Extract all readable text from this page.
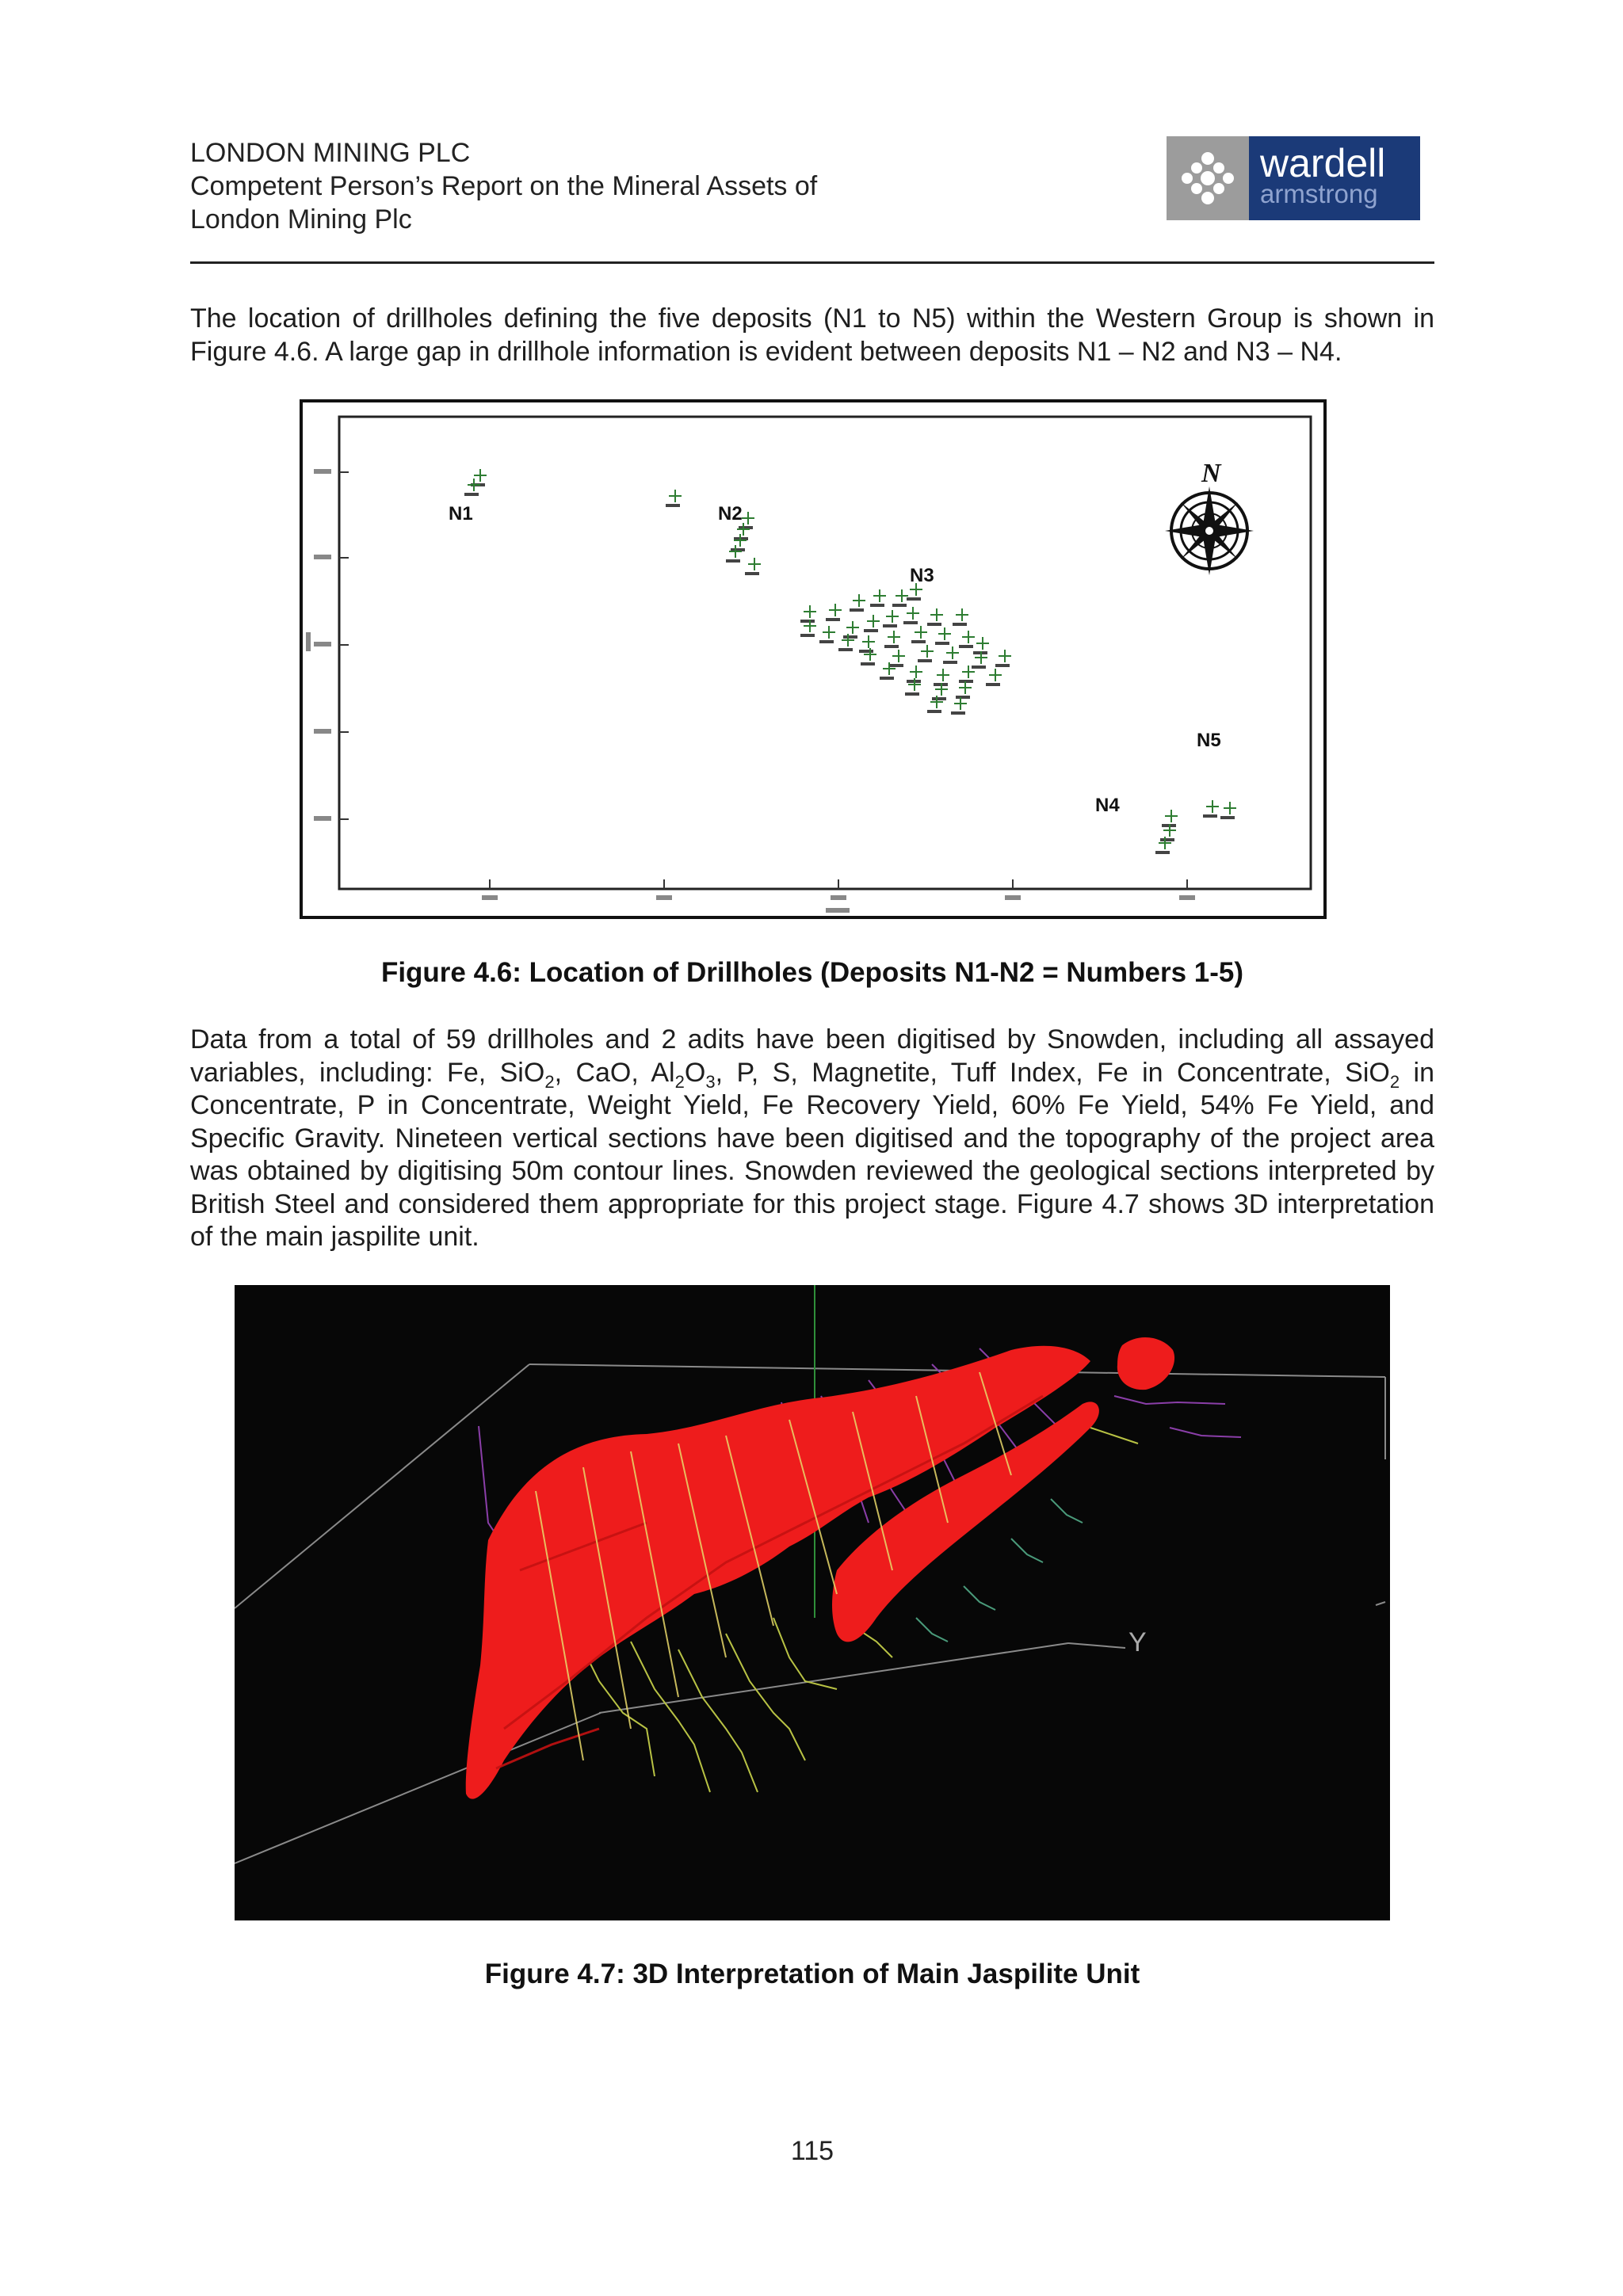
LONDON MINING PLC
Competent Person’s Report on the Mineral Assets of
London Mining Plc
wardell
armstrong
The location of drillholes defining the five deposits (N1 to N5) within the Western Group is shown in Figure 4.6. A large gap in drillhole information is evident between deposits N1 – N2 and N3 – N4.
N1	N2
N3
N4
N5
N
Figure 4.6: Location of Drillholes (Deposits N1-N2 = Numbers 1-5)
Data from a total of 59 drillholes and 2 adits have been digitised by Snowden, including all assayed variables, including: Fe, SiO$_2$, CaO, $Al_2O_3$, P, S, Magnetite, Tuff Index, Fe in Concentrate, SiO$_2$ in Concentrate, P in Concentrate, Weight Yield, Fe Recovery Yield, 60% Fe Yield, 54% Fe Yield, and Specific Gravity. Nineteen vertical sections have been digitised and the topography of the project area was obtained by digitising 50m contour lines. Snowden reviewed the geological sections interpreted by British Steel and considered them appropriate for this project stage. Figure 4.7 shows 3D interpretation of the main jaspilite unit.
Y
Figure 4.7: 3D Interpretation of Main Jaspilite Unit
115
